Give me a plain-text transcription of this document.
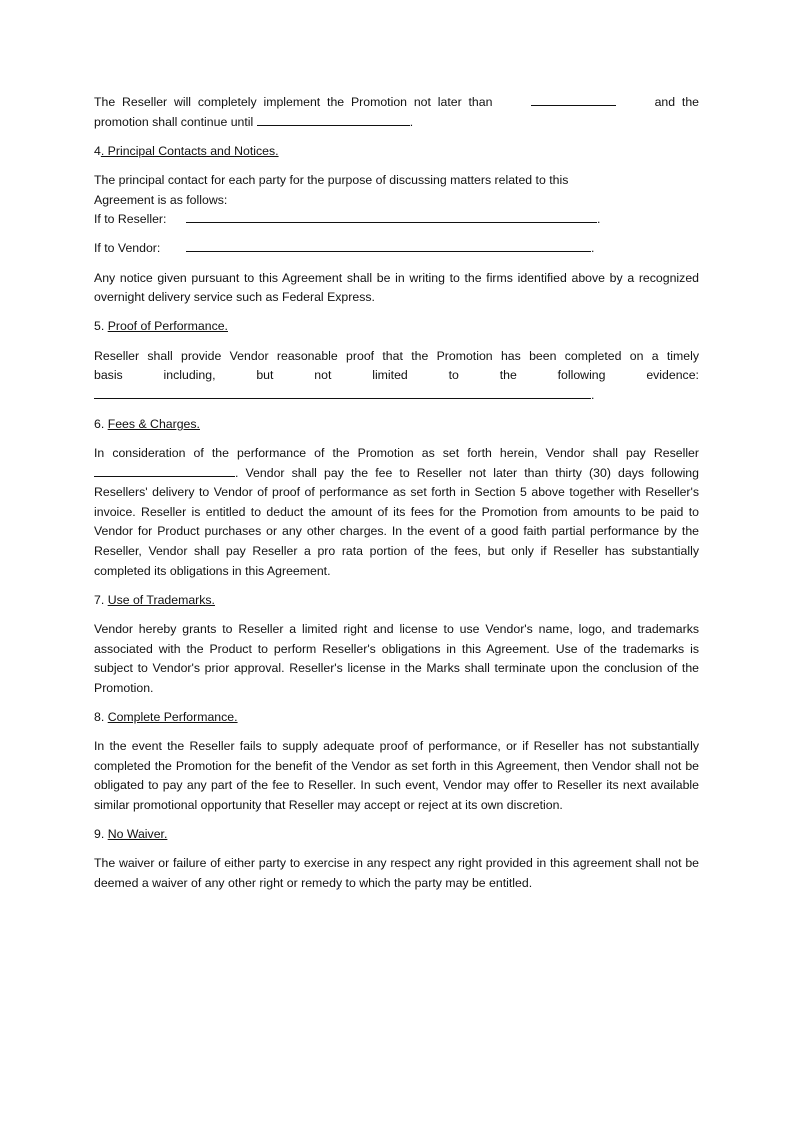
The  Reseller  will  completely  implement  the  Promotion  not  later  than	and  the

promotion shall continue until	.

4. Principal Contacts and Notices.

The principal contact for each party for the purpose of discussing matters related to this
Agreement is as follows:

If to Reseller:	.
If to Vendor:	.

Any notice given pursuant to this Agreement shall be in writing to the firms identified above by a recognized overnight delivery service such as Federal Express.

5. Proof of Performance.

Reseller shall provide Vendor reasonable proof that the Promotion has been completed on a timely

basis	including,	but	not	limited	to	the	following	evidence:

.

6. Fees & Charges.

In consideration of the performance of the Promotion as set forth herein, Vendor shall pay Reseller

. Vendor shall pay the fee to Reseller not later than thirty (30) days following Resellers' delivery to Vendor of proof of performance as set forth in Section 5 above together with Reseller's invoice. Reseller is entitled to deduct the amount of its fees for the Promotion from amounts to be paid to Vendor for Product purchases or any other charges. In the event of a good faith partial performance by the Reseller, Vendor shall pay Reseller a pro rata portion of the fees, but only if Reseller has substantially completed its obligations in this Agreement.

7. Use of Trademarks.

Vendor hereby grants to Reseller a limited right and license to use Vendor's name, logo, and trademarks associated with the Product to perform Reseller's obligations in this Agreement. Use of the trademarks is subject to Vendor's prior approval. Reseller's license in the Marks shall terminate upon the conclusion of the Promotion.

8. Complete Performance.

In the event the Reseller fails to supply adequate proof of performance, or if Reseller has not substantially completed the Promotion for the benefit of the Vendor as set forth in this Agreement, then Vendor shall not be obligated to pay any part of the fee to Reseller. In such event, Vendor may offer to Reseller its next available similar promotional opportunity that Reseller may accept or reject at its own discretion.

9. No Waiver.

The waiver or failure of either party to exercise in any respect any right provided in this agreement shall not be deemed a waiver of any other right or remedy to which the party may be entitled.
